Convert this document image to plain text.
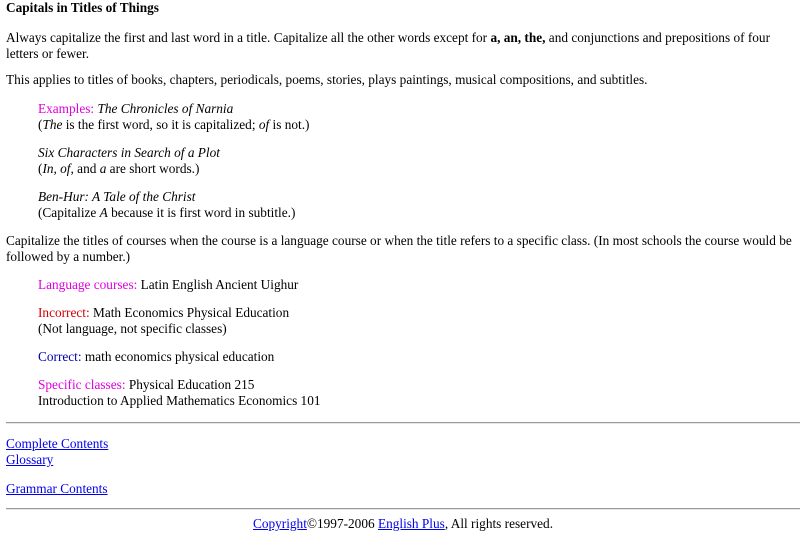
Capitals in Titles of Things

Always capitalize the first and last word in a title. Capitalize all the other words except for a, an, the, and conjunctions and prepositions of four letters or fewer.

This applies to titles of books, chapters, periodicals, poems, stories, plays paintings, musical compositions, and subtitles.

Examples: The Chronicles of Narnia
(The is the first word, so it is capitalized; of is not.)
Six Characters in Search of a Plot
(In, of, and a are short words.)
Ben-Hur: A Tale of the Christ
(Capitalize A because it is first word in subtitle.)

Capitalize the titles of courses when the course is a language course or when the title refers to a specific class. (In most schools the course would be followed by a number.)

Language courses: Latin English Ancient Uighur
Incorrect: Math Economics Physical Education
(Not language, not specific classes)
Correct: math economics physical education
Specific classes: Physical Education 215
Introduction to Applied Mathematics Economics 101
Complete Contents
Glossary
Grammar Contents
Copyright©1997-2006 English Plus, All rights reserved.
